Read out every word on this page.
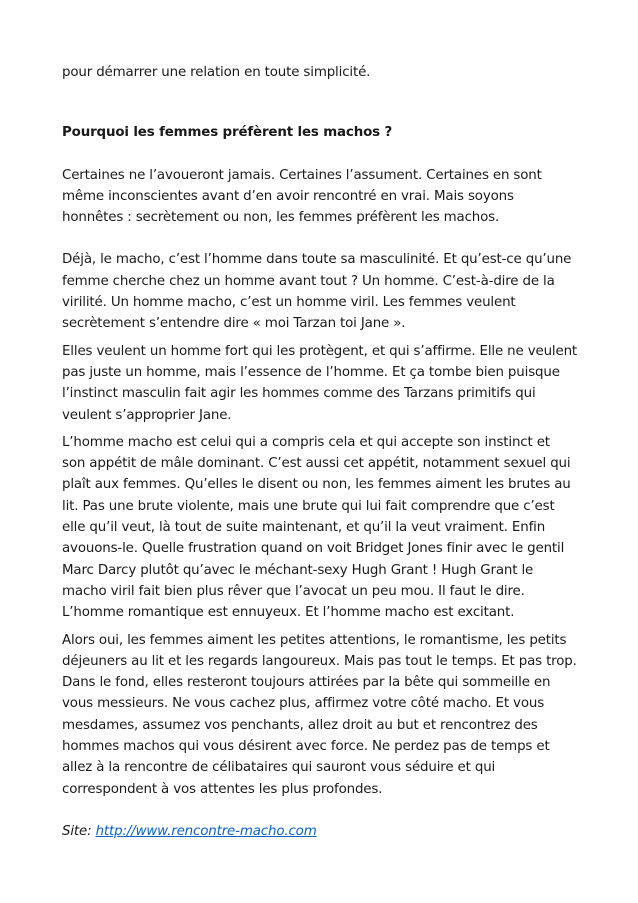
pour démarrer une relation en toute simplicité.

Pourquoi les femmes préfèrent les machos ?

Certaines ne l’avoueront jamais. Certaines l’assument. Certaines en sont même inconscientes avant d’en avoir rencontré en vrai. Mais soyons honnêtes : secrètement ou non, les femmes préfèrent les machos.

Déjà, le macho, c’est l’homme dans toute sa masculinité. Et qu’est-ce qu’une femme cherche chez un homme avant tout ? Un homme. C’est-à-dire de la virilité. Un homme macho, c’est un homme viril. Les femmes veulent secrètement s’entendre dire « moi Tarzan toi Jane ».

Elles veulent un homme fort qui les protègent, et qui s’affirme. Elle ne veulent pas juste un homme, mais l’essence de l’homme. Et ça tombe bien puisque l’instinct masculin fait agir les hommes comme des Tarzans primitifs qui veulent s’approprier Jane.

L’homme macho est celui qui a compris cela et qui accepte son instinct et son appétit de mâle dominant. C’est aussi cet appétit, notamment sexuel qui plaît aux femmes. Qu’elles le disent ou non, les femmes aiment les brutes au lit. Pas une brute violente, mais une brute qui lui fait comprendre que c’est elle qu’il veut, là tout de suite maintenant, et qu’il la veut vraiment. Enfin avouons-le. Quelle frustration quand on voit Bridget Jones finir avec le gentil Marc Darcy plutôt qu’avec le méchant-sexy Hugh Grant ! Hugh Grant le macho viril fait bien plus rêver que l’avocat un peu mou. Il faut le dire. L’homme romantique est ennuyeux. Et l’homme macho est excitant.

Alors oui, les femmes aiment les petites attentions, le romantisme, les petits déjeuners au lit et les regards langoureux. Mais pas tout le temps. Et pas trop. Dans le fond, elles resteront toujours attirées par la bête qui sommeille en vous messieurs. Ne vous cachez plus, affirmez votre côté macho. Et vous mesdames, assumez vos penchants, allez droit au but et rencontrez des hommes machos qui vous désirent avec force. Ne perdez pas de temps et allez à la rencontre de célibataires qui sauront vous séduire et qui correspondent à vos attentes les plus profondes.

Site: http://www.rencontre-macho.com
